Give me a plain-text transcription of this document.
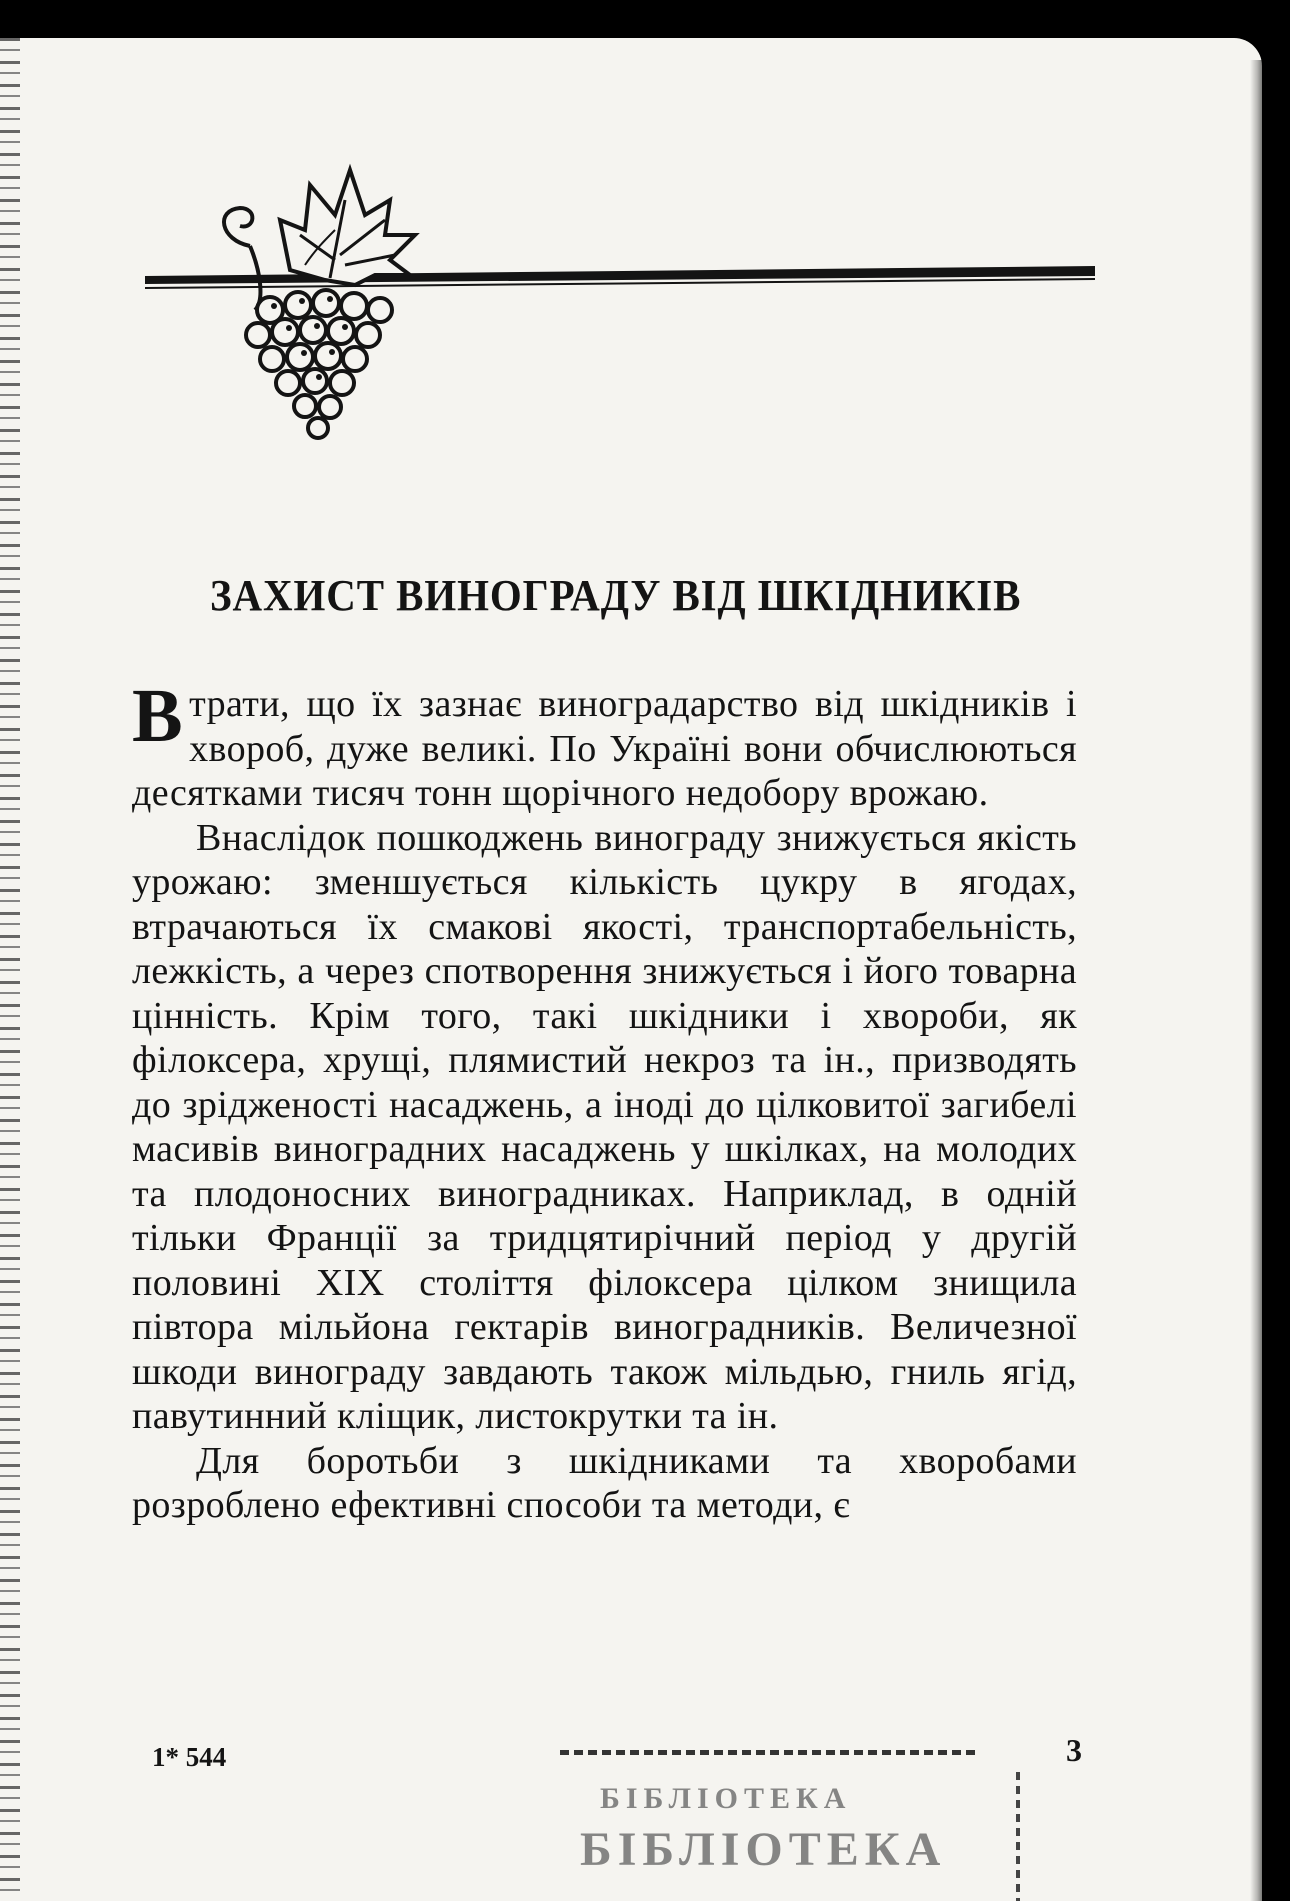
ЗАХИСТ ВИНОГРАДУ ВІД ШКІДНИКІВ

Втрати, що їх зазнає виноградарство від шкідників і хвороб, дуже великі. По Україні вони обчислюються десятками тисяч тонн щорічного недобору врожаю.

Внаслідок пошкоджень винограду знижується якість урожаю: зменшується кількість цукру в ягодах, втрачаються їх смакові якості, транспортабельність, лежкість, а через спотворення знижується і його товарна цінність. Крім того, такі шкідники і хвороби, як філоксера, хрущі, плямистий некроз та ін., призводять до зрідженості насаджень, а іноді до цілковитої загибелі масивів виноградних насаджень у шкілках, на молодих та плодоносних виноградниках. Наприклад, в одній тільки Франції за тридцятирічний період у другій половині XIX століття філоксера цілком знищила півтора мільйона гектарів виноградників. Величезної шкоди винограду завдають також мільдью, гниль ягід, павутинний кліщик, листокрутки та ін.

Для боротьби з шкідниками та хворобами розроблено ефективні способи та методи, є

1* 544	3
БІБЛІОТЕКА
БІБЛІОТЕКА
